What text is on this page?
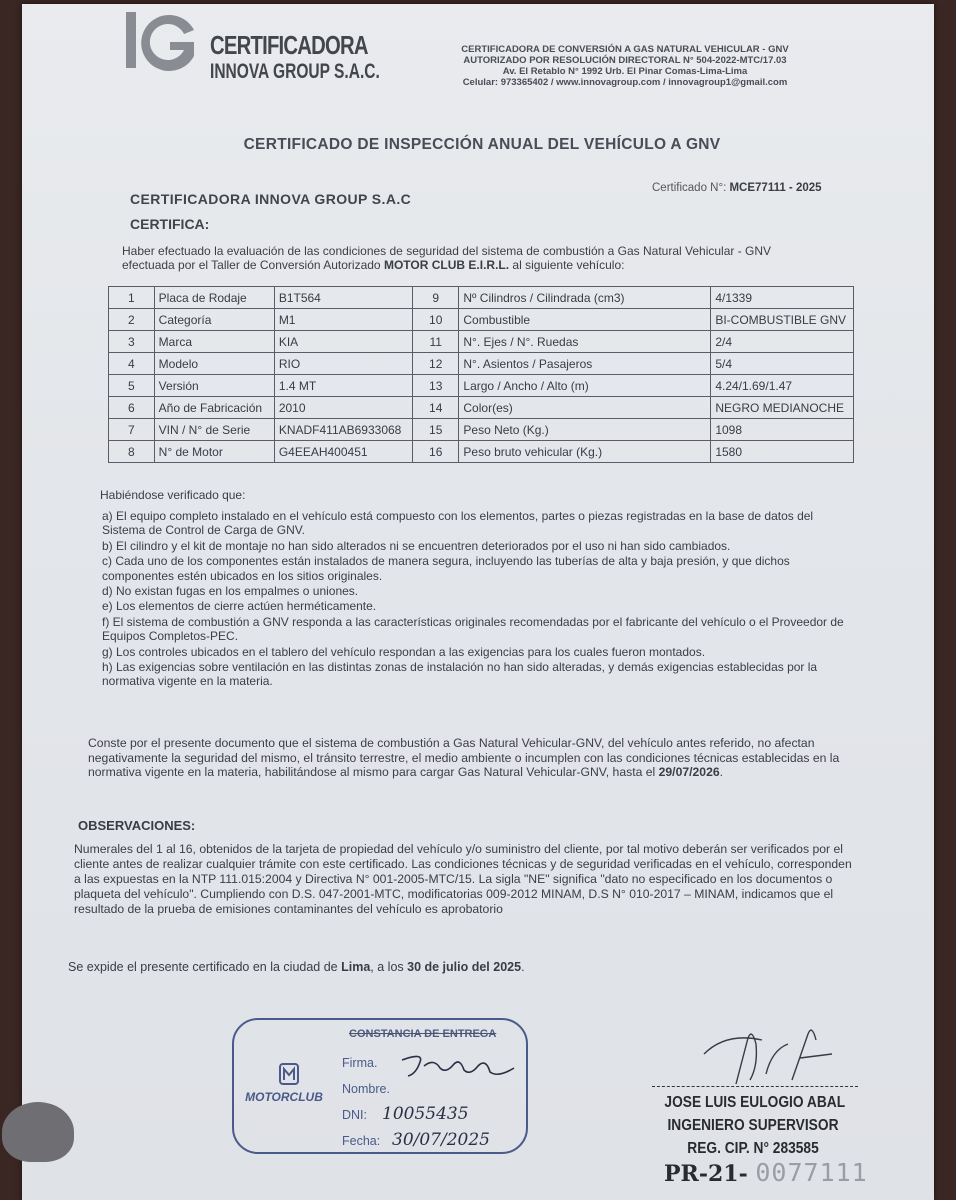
CERTIFICADORA
INNOVA GROUP S.A.C.
CERTIFICADORA DE CONVERSIÓN A GAS NATURAL VEHICULAR - GNV
AUTORIZADO POR RESOLUCIÓN DIRECTORAL N° 504-2022-MTC/17.03
Av. El Retablo N° 1992 Urb. El Pinar Comas-Lima-Lima
Celular: 973365402 / www.innovagroup.com / innovagroup1@gmail.com
CERTIFICADO DE INSPECCIÓN ANUAL DEL VEHÍCULO A GNV
Certificado N°: MCE77111 - 2025
CERTIFICADORA INNOVA GROUP S.A.C
CERTIFICA:
Haber efectuado la evaluación de las condiciones de seguridad del sistema de combustión a Gas Natural Vehicular - GNV
efectuada por el Taller de Conversión Autorizado MOTOR CLUB E.I.R.L. al siguiente vehículo:
1	Placa de Rodaje	B1T564	9	Nº Cilindros / Cilindrada (cm3)	4/1339
2	Categoría	M1	10	Combustible	BI-COMBUSTIBLE GNV
3	Marca	KIA	11	N°. Ejes / N°. Ruedas	2/4
4	Modelo	RIO	12	N°. Asientos / Pasajeros	5/4
5	Versión	1.4 MT	13	Largo / Ancho / Alto (m)	4.24/1.69/1.47
6	Año de Fabricación	2010	14	Color(es)	NEGRO MEDIANOCHE
7	VIN / N° de Serie	KNADF411AB6933068	15	Peso Neto (Kg.)	1098
8	N° de Motor	G4EEAH400451	16	Peso bruto vehicular (Kg.)	1580
Habiéndose verificado que:

a) El equipo completo instalado en el vehículo está compuesto con los elementos, partes o piezas registradas en la base de datos del Sistema de Control de Carga de GNV.

b) El cilindro y el kit de montaje no han sido alterados ni se encuentren deteriorados por el uso ni han sido cambiados.

c) Cada uno de los componentes están instalados de manera segura, incluyendo las tuberías de alta y baja presión, y que dichos componentes estén ubicados en los sitios originales.

d) No existan fugas en los empalmes o uniones.

e) Los elementos de cierre actúen herméticamente.

f) El sistema de combustión a GNV responda a las características originales recomendadas por el fabricante del vehículo o el Proveedor de Equipos Completos-PEC.

g) Los controles ubicados en el tablero del vehículo respondan a las exigencias para los cuales fueron montados.

h) Las exigencias sobre ventilación en las distintas zonas de instalación no han sido alteradas, y demás exigencias establecidas por la normativa vigente en la materia.

Conste por el presente documento que el sistema de combustión a Gas Natural Vehicular-GNV, del vehículo antes referido, no afectan negativamente la seguridad del mismo, el tránsito terrestre, el medio ambiente o incumplen con las condiciones técnicas establecidas en la normativa vigente en la materia, habilitándose al mismo para cargar Gas Natural Vehicular-GNV, hasta el 29/07/2026.
OBSERVACIONES:
Numerales del 1 al 16, obtenidos de la tarjeta de propiedad del vehículo y/o suministro del cliente, por tal motivo deberán ser verificados por el cliente antes de realizar cualquier trámite con este certificado. Las condiciones técnicas y de seguridad verificadas en el vehículo, corresponden a las expuestas en la NTP 111.015:2004 y Directiva N° 001-2005-MTC/15. La sigla "NE" significa "dato no especificado en los documentos o plaqueta del vehículo". Cumpliendo con D.S. 047-2001-MTC, modificatorias 009-2012 MINAM, D.S N° 010-2017 – MINAM, indicamos que el resultado de la prueba de emisiones contaminantes del vehículo es aprobatorio
Se expide el presente certificado en la ciudad de Lima, a los 30 de julio del 2025.
CONSTANCIA DE ENTREGA
MOTORCLUB
Firma.
Nombre.
DNI: 10055435
Fecha: 30/07/2025
JOSE LUIS EULOGIO ABAL
INGENIERO SUPERVISOR
REG. CIP. N° 283585
PR-21- 0077111
